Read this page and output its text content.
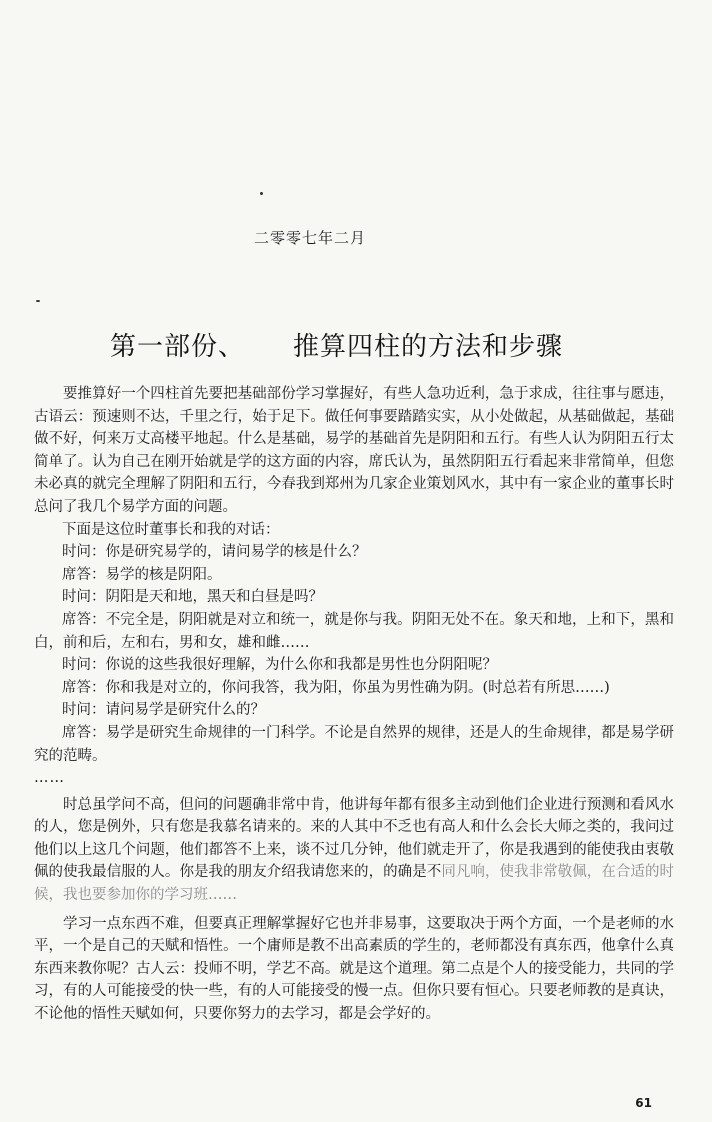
二零零七年二月
第一部份、 推算四柱的方法和步骤

要推算好一个四柱首先要把基础部份学习掌握好，有些人急功近利，急于求成，往往事与愿违，古语云：预速则不达，千里之行，始于足下。做任何事要踏踏实实，从小处做起，从基础做起，基础做不好，何来万丈高楼平地起。什么是基础，易学的基础首先是阴阳和五行。有些人认为阴阳五行太简单了。认为自己在刚开始就是学的这方面的内容，席氏认为，虽然阴阳五行看起来非常简单，但您未必真的就完全理解了阴阳和五行，今春我到郑州为几家企业策划风水，其中有一家企业的董事长时总问了我几个易学方面的问题。

下面是这位时董事长和我的对话：

时问：你是研究易学的，请问易学的核是什么？

席答：易学的核是阴阳。

时问：阴阳是天和地，黑天和白昼是吗？

席答：不完全是，阴阳就是对立和统一，就是你与我。阴阳无处不在。象天和地，上和下，黑和白，前和后，左和右，男和女，雄和雌……

时问：你说的这些我很好理解，为什么你和我都是男性也分阴阳呢？

席答：你和我是对立的，你问我答，我为阳，你虽为男性确为阴。(时总若有所思……)

时问：请问易学是研究什么的？

席答：易学是研究生命规律的一门科学。不论是自然界的规律，还是人的生命规律，都是易学研究的范畴。

……

时总虽学问不高，但问的问题确非常中肯，他讲每年都有很多主动到他们企业进行预测和看风水的人，您是例外，只有您是我慕名请来的。来的人其中不乏也有高人和什么会长大师之类的，我问过他们以上这几个问题，他们都答不上来，谈不过几分钟，他们就走开了，你是我遇到的能使我由衷敬佩的使我最信服的人。你是我的朋友介绍我请您来的，的确是不同凡响，使我非常敬佩，在合适的时候，我也要参加你的学习班……

学习一点东西不难，但要真正理解掌握好它也并非易事，这要取决于两个方面，一个是老师的水平，一个是自己的天赋和悟性。一个庸师是教不出高素质的学生的，老师都没有真东西，他拿什么真东西来教你呢？古人云：投师不明，学艺不高。就是这个道理。第二点是个人的接受能力，共同的学习，有的人可能接受的快一些，有的人可能接受的慢一点。但你只要有恒心。只要老师教的是真诀，不论他的悟性天赋如何，只要你努力的去学习，都是会学好的。

61
